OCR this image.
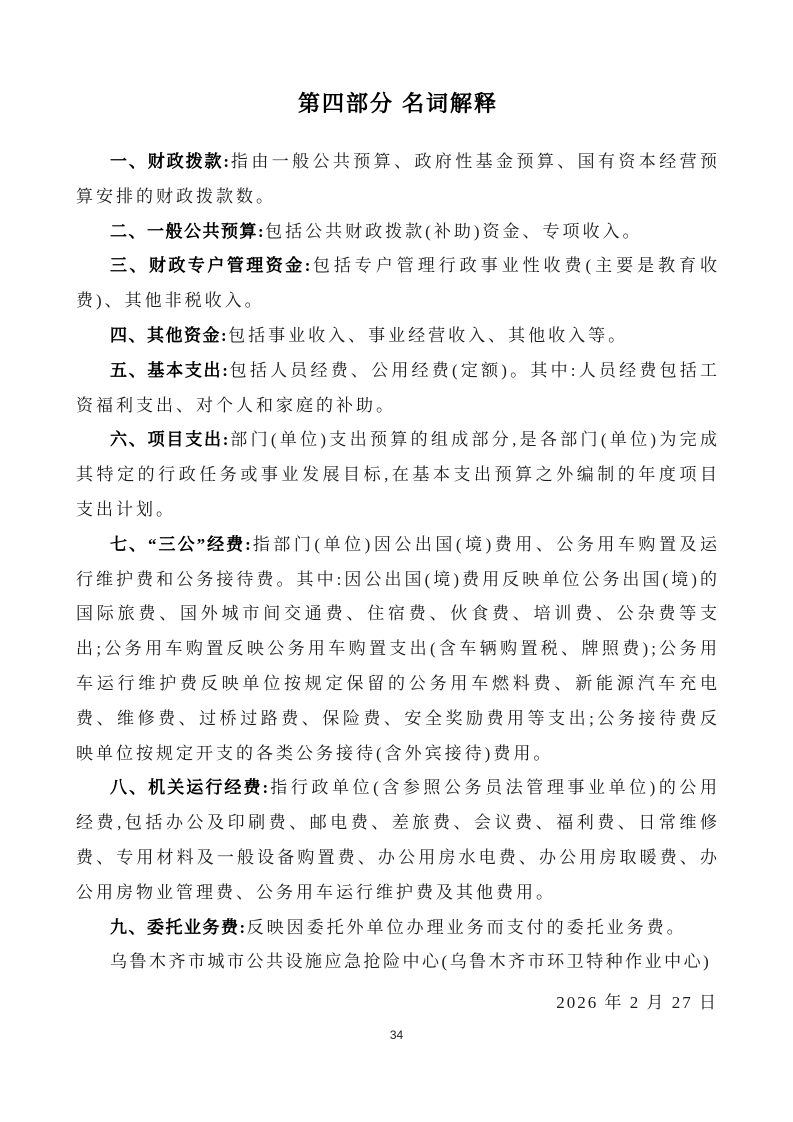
第四部分 名词解释

一、财政拨款:指由一般公共预算、政府性基金预算、国有资本经营预算安排的财政拨款数。

二、一般公共预算:包括公共财政拨款(补助)资金、专项收入。

三、财政专户管理资金:包括专户管理行政事业性收费(主要是教育收费)、其他非税收入。

四、其他资金:包括事业收入、事业经营收入、其他收入等。

五、基本支出:包括人员经费、公用经费(定额)。其中:人员经费包括工资福利支出、对个人和家庭的补助。

六、项目支出:部门(单位)支出预算的组成部分,是各部门(单位)为完成其特定的行政任务或事业发展目标,在基本支出预算之外编制的年度项目支出计划。

七、“三公”经费:指部门(单位)因公出国(境)费用、公务用车购置及运行维护费和公务接待费。其中:因公出国(境)费用反映单位公务出国(境)的国际旅费、国外城市间交通费、住宿费、伙食费、培训费、公杂费等支出;公务用车购置反映公务用车购置支出(含车辆购置税、牌照费);公务用车运行维护费反映单位按规定保留的公务用车燃料费、新能源汽车充电费、维修费、过桥过路费、保险费、安全奖励费用等支出;公务接待费反映单位按规定开支的各类公务接待(含外宾接待)费用。

八、机关运行经费:指行政单位(含参照公务员法管理事业单位)的公用经费,包括办公及印刷费、邮电费、差旅费、会议费、福利费、日常维修费、专用材料及一般设备购置费、办公用房水电费、办公用房取暖费、办公用房物业管理费、公务用车运行维护费及其他费用。

九、委托业务费:反映因委托外单位办理业务而支付的委托业务费。

乌鲁木齐市城市公共设施应急抢险中心(乌鲁木齐市环卫特种作业中心)

2026 年 2 月 27 日

34
